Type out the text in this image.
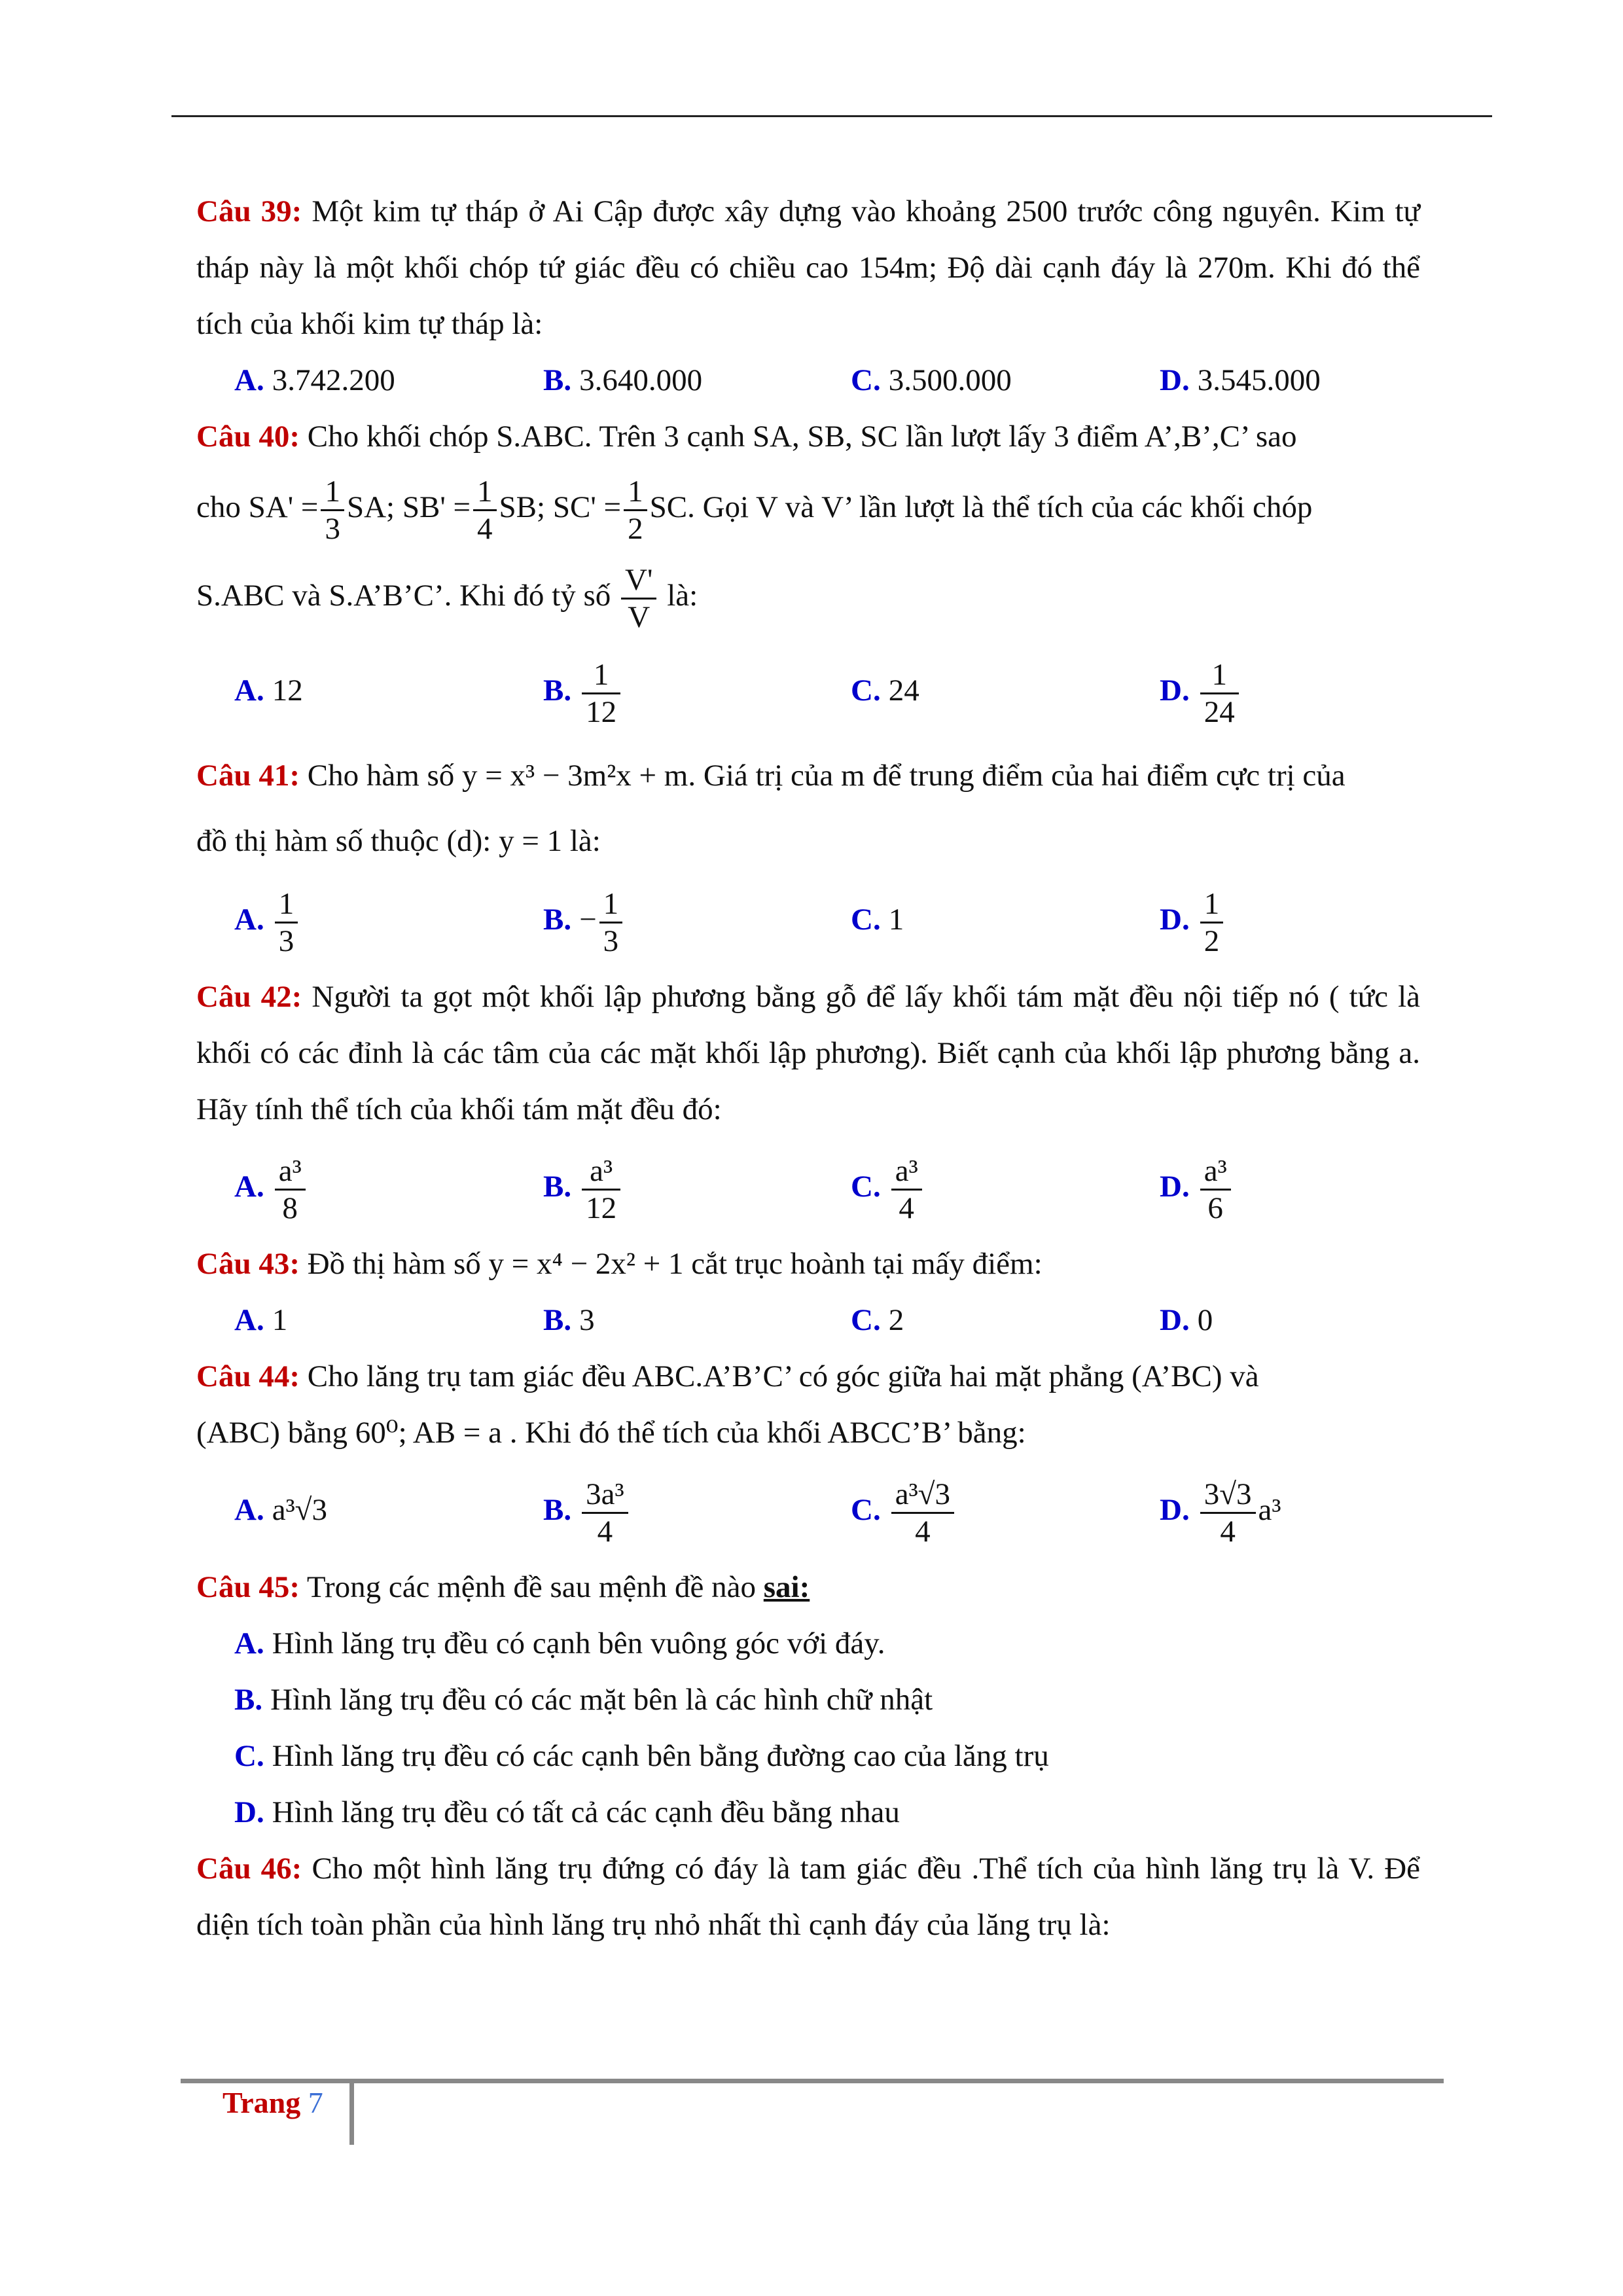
Câu 39: Một kim tự tháp ở Ai Cập được xây dựng vào khoảng 2500 trước công nguyên. Kim tự tháp này là một khối chóp tứ giác đều có chiều cao 154m; Độ dài cạnh đáy là 270m. Khi đó thể tích của khối kim tự tháp là:
A. 3.742.200	B. 3.640.000	C. 3.500.000	D. 3.545.000
Câu 40: Cho khối chóp S.ABC. Trên 3 cạnh SA, SB, SC lần lượt lấy 3 điểm A’,B’,C’ sao
cho $SA' = \frac{1}{3}$ SA; $SB' = \frac{1}{4}$ SB; $SC' = \frac{1}{2}$ SC. Gọi V và V’ lần lượt là thể tích của các khối chóp
S.ABC và S.A’B’C’. Khi đó tỷ số $\frac{V'}{V}$ là:
A. 12	B. $\frac{1}{12}$	C. 24	D. $\frac{1}{24}$
Câu 41: Cho hàm số y = x³ − 3m²x + m. Giá trị của m để trung điểm của hai điểm cực trị của
đồ thị hàm số thuộc (d): y = 1 là:
A. $\frac{1}{3}$	B. − $\frac{1}{3}$	C. 1	D. $\frac{1}{2}$
Câu 42: Người ta gọt một khối lập phương bằng gỗ để lấy khối tám mặt đều nội tiếp nó ( tức là khối có các đỉnh là các tâm của các mặt khối lập phương). Biết cạnh của khối lập phương bằng a. Hãy tính thể tích của khối tám mặt đều đó:
A. $\frac{\text{a³}}{8}$	B. $\frac{\text{a³}}{12}$	C. $\frac{\text{a³}}{4}$	D. $\frac{\text{a³}}{6}$
Câu 43: Đồ thị hàm số y = x⁴ − 2x² + 1 cắt trục hoành tại mấy điểm:
A. 1	B. 3	C. 2	D. 0
Câu 44: Cho lăng trụ tam giác đều ABC.A’B’C’ có góc giữa hai mặt phẳng (A’BC) và
(ABC) bằng 60⁰; AB = a . Khi đó thể tích của khối ABCC’B’ bằng:
A. a³√3	B. $\frac{\text{3a³}}{4}$	C. $\frac{\text{a³√3}}{4}$	D. $\frac{3√3}{4} a^3$
Câu 45: Trong các mệnh đề sau mệnh đề nào sai:
A. Hình lăng trụ đều có cạnh bên vuông góc với đáy.
B. Hình lăng trụ đều có các mặt bên là các hình chữ nhật
C. Hình lăng trụ đều có các cạnh bên bằng đường cao của lăng trụ
D. Hình lăng trụ đều có tất cả các cạnh đều bằng nhau
Câu 46: Cho một hình lăng trụ đứng có đáy là tam giác đều .Thể tích của hình lăng trụ là V. Để diện tích toàn phần của hình lăng trụ nhỏ nhất thì cạnh đáy của lăng trụ là:
Trang 7
